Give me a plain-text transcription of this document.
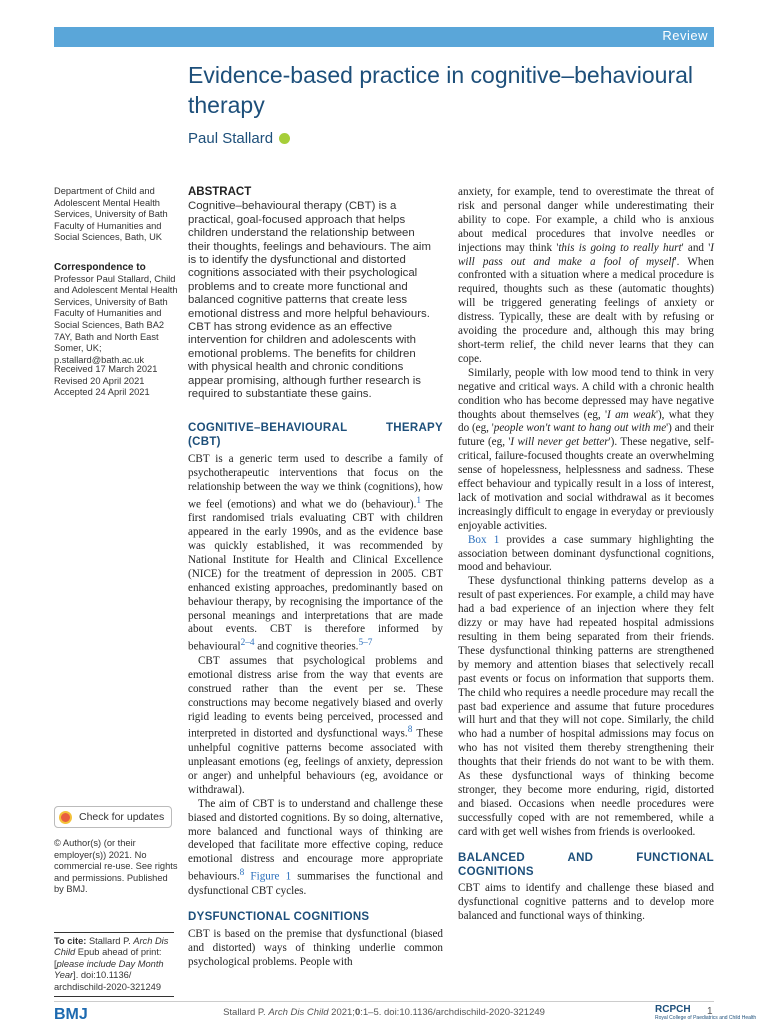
Review
Evidence-based practice in cognitive–behavioural therapy
Paul Stallard

Department of Child and Adolescent Mental Health Services, University of Bath Faculty of Humanities and Social Sciences, Bath, UK

Correspondence to

Professor Paul Stallard, Child and Adolescent Mental Health Services, University of Bath Faculty of Humanities and Social Sciences, Bath BA2 7AY, Bath and North East Somer, UK; p.stallard@bath.ac.uk

Received 17 March 2021

Revised 20 April 2021

Accepted 24 April 2021

Check for updates

© Author(s) (or their employer(s)) 2021. No commercial re-use. See rights and permissions. Published by BMJ.

To cite: Stallard P. Arch Dis Child Epub ahead of print: [please include Day Month Year]. doi:10.1136/ archdischild-2020-321249
ABSTRACT
Cognitive–behavioural therapy (CBT) is a practical, goal-focused approach that helps children understand the relationship between their thoughts, feelings and behaviours. The aim is to identify the dysfunctional and distorted cognitions associated with their psychological problems and to create more functional and balanced cognitive patterns that create less emotional distress and more helpful behaviours. CBT has strong evidence as an effective intervention for children and adolescents with emotional problems. The benefits for children with physical health and chronic conditions appear promising, although further research is required to substantiate these gains.
COGNITIVE–BEHAVIOURAL THERAPY (CBT)

CBT is a generic term used to describe a family of psychotherapeutic interventions that focus on the relationship between the way we think (cognitions), how we feel (emotions) and what we do (behaviour).$^1$ The first randomised trials evaluating CBT with children appeared in the early 1990s, and as the evidence base was quickly established, it was recommended by National Institute for Health and Clinical Excellence (NICE) for the treatment of depression in 2005. CBT enhanced existing approaches, predominantly based on behaviour therapy, by recognising the importance of the personal meanings and interpretations that are made about events. CBT is therefore informed by behavioural$^{2-4}$ and cognitive theories.$^{5-7}$

CBT assumes that psychological problems and emotional distress arise from the way that events are construed rather than the event per se. These constructions may become negatively biased and overly rigid leading to events being perceived, processed and interpreted in distorted and dysfunctional ways.$^8$ These unhelpful cognitive patterns become associated with unpleasant emotions (eg, feelings of anxiety, depression or anger) and unhelpful behaviours (eg, avoidance or withdrawal).

The aim of CBT is to understand and challenge these biased and distorted cognitions. By so doing, alternative, more balanced and functional ways of thinking are developed that facilitate more effective coping, reduce emotional distress and encourage more appropriate behaviours.$^8$ Figure 1 summarises the functional and dysfunctional CBT cycles.

DYSFUNCTIONAL COGNITIONS

CBT is based on the premise that dysfunctional (biased and distorted) ways of thinking underlie common psychological problems. People with

anxiety, for example, tend to overestimate the threat of risk and personal danger while underestimating their ability to cope. For example, a child who is anxious about medical procedures that involve needles or injections may think 'this is going to really hurt' and 'I will pass out and make a fool of myself'. When confronted with a situation where a medical procedure is required, thoughts such as these (automatic thoughts) will be triggered generating feelings of anxiety or distress. Typically, these are dealt with by refusing or avoiding the procedure and, although this may bring short-term relief, the child never learns that they can cope.

Similarly, people with low mood tend to think in very negative and critical ways. A child with a chronic health condition who has become depressed may have negative thoughts about themselves (eg, 'I am weak'), what they do (eg, 'people won't want to hang out with me') and their future (eg, 'I will never get better'). These negative, self-critical, failure-focused thoughts create an overwhelming sense of hopelessness, helplessness and sadness. These effect behaviour and typically result in a loss of interest, lack of motivation and social withdrawal as it becomes increasingly difficult to engage in everyday or previously enjoyable activities.

Box 1 provides a case summary highlighting the association between dominant dysfunctional cognitions, mood and behaviour.

These dysfunctional thinking patterns develop as a result of past experiences. For example, a child may have had a bad experience of an injection where they felt dizzy or may have had repeated hospital admissions resulting in them being separated from their friends. These dysfunctional thinking patterns are strengthened by memory and attention biases that selectively recall past events or focus on information that supports them. The child who requires a needle procedure may recall the past bad experience and assume that future procedures will hurt and that they will not cope. Similarly, the child who had a number of hospital admissions may focus on who has not visited them thereby strengthening their thoughts that their friends do not want to be with them. As these dysfunctional ways of thinking become stronger, they become more enduring, rigid, distorted and biased. Occasions when needle procedures were successfully coped with are not remembered, while a card with get well wishes from friends is overlooked.

BALANCED AND FUNCTIONAL COGNITIONS

CBT aims to identify and challenge these biased and dysfunctional cognitive patterns and to develop more balanced and functional ways of thinking.

BMJ	Stallard P. Arch Dis Child 2021;0:1–5. doi:10.1136/archdischild-2020-321249	RCPCH
Royal College of Paediatrics and Child Health
1
